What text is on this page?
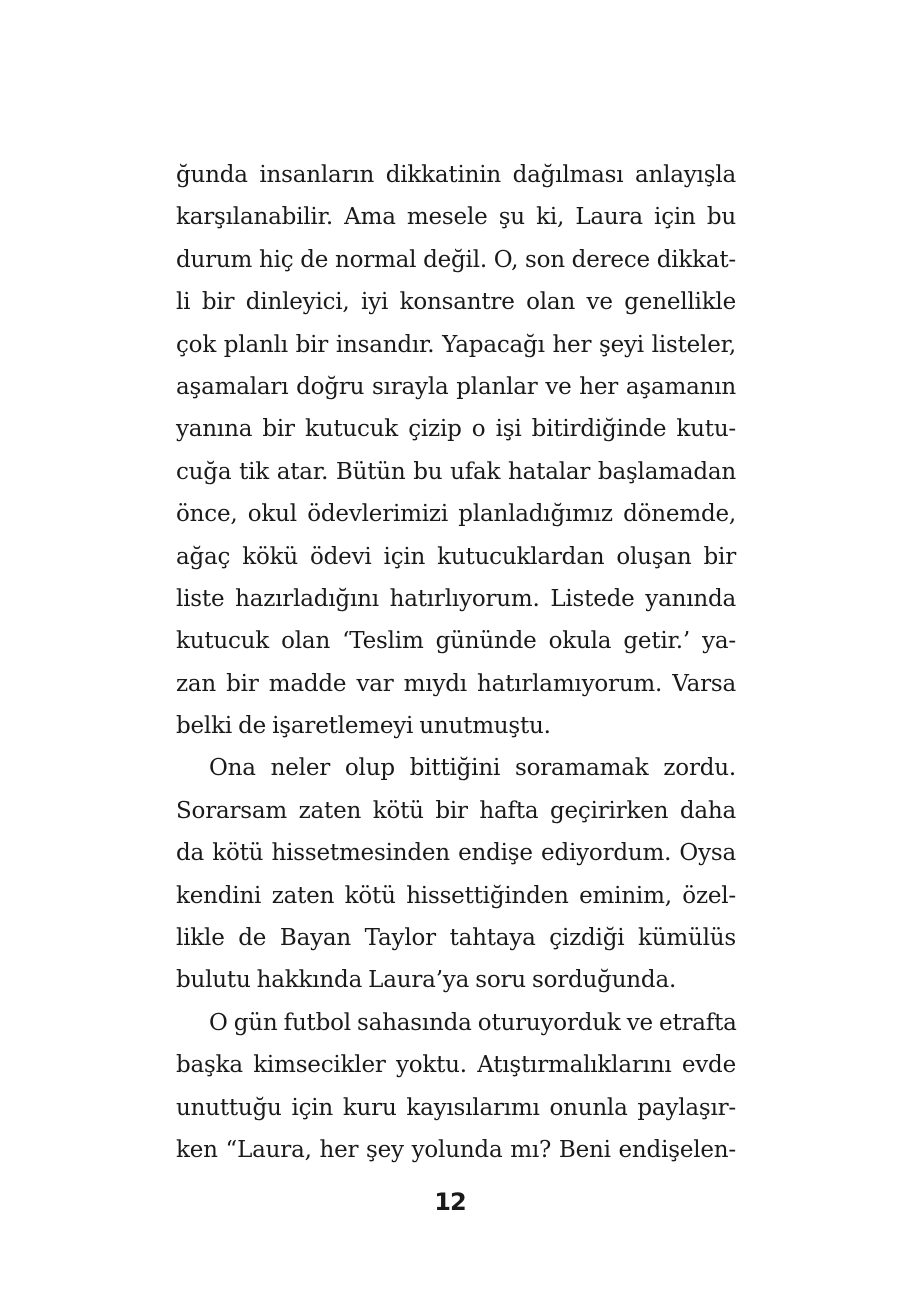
ğunda insanların dikkatinin dağılması anlayışla
karşılanabilir. Ama mesele şu ki, Laura için bu
durum hiç de normal değil. O, son derece dikkat-
li bir dinleyici, iyi konsantre olan ve genellikle
çok planlı bir insandır. Yapacağı her şeyi listeler,
aşamaları doğru sırayla planlar ve her aşamanın
yanına bir kutucuk çizip o işi bitirdiğinde kutu-
cuğa tik atar. Bütün bu ufak hatalar başlamadan
önce, okul ödevlerimizi planladığımız dönemde,
ağaç kökü ödevi için kutucuklardan oluşan bir
liste hazırladığını hatırlıyorum. Listede yanında
kutucuk olan ‘Teslim gününde okula getir.’ ya-
zan bir madde var mıydı hatırlamıyorum. Varsa
belki de işaretlemeyi unutmuştu.
Ona neler olup bittiğini soramamak zordu.
Sorarsam zaten kötü bir hafta geçirirken daha
da kötü hissetmesinden endişe ediyordum. Oysa
kendini zaten kötü hissettiğinden eminim, özel-
likle de Bayan Taylor tahtaya çizdiği kümülüs
bulutu hakkında Laura’ya soru sorduğunda.
O gün futbol sahasında oturuyorduk ve etrafta
başka kimsecikler yoktu. Atıştırmalıklarını evde
unuttuğu için kuru kayısılarımı onunla paylaşır-
ken “Laura, her şey yolunda mı? Beni endişelen-
12
